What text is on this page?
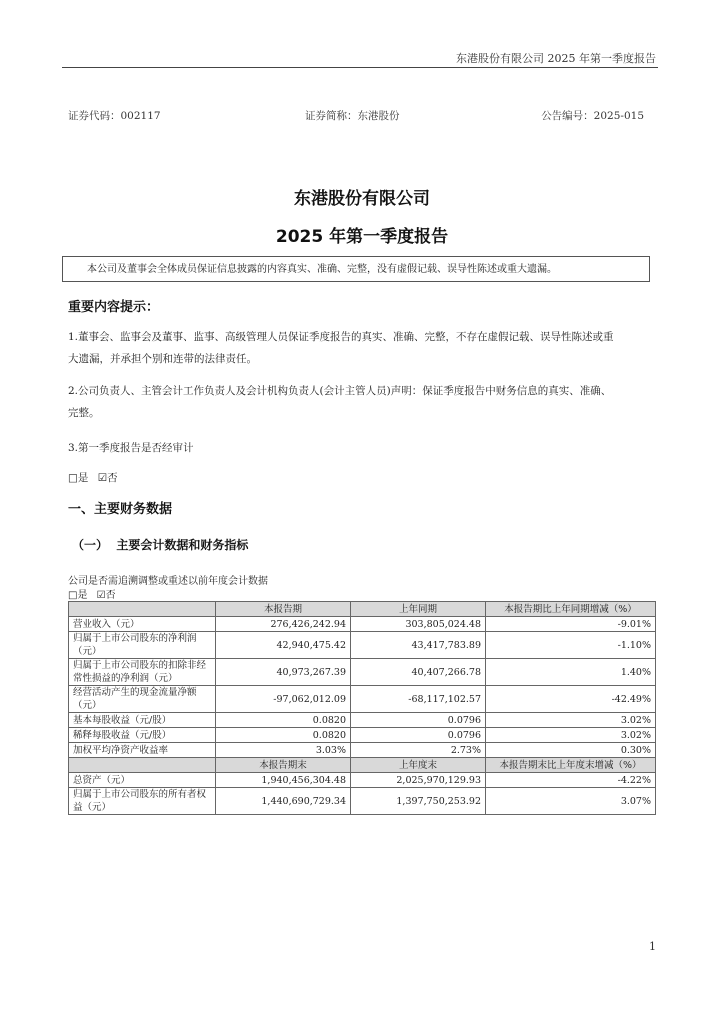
东港股份有限公司 2025 年第一季度报告
证券代码：002117	证券简称：东港股份	公告编号：2025-015
东港股份有限公司
2025 年第一季度报告
本公司及董事会全体成员保证信息披露的内容真实、准确、完整，没有虚假记载、误导性陈述或重大遗漏。
重要内容提示：
1.董事会、监事会及董事、监事、高级管理人员保证季度报告的真实、准确、完整，不存在虚假记载、误导性陈述或重
大遗漏，并承担个别和连带的法律责任。
2.公司负责人、主管会计工作负责人及会计机构负责人(会计主管人员)声明：保证季度报告中财务信息的真实、准确、
完整。
3.第一季度报告是否经审计
□是 ☑否
一、主要财务数据
（一）  主要会计数据和财务指标
公司是否需追溯调整或重述以前年度会计数据
□是 ☑否
	本报告期	上年同期	本报告期比上年同期增减（%）
营业收入（元）	276,426,242.94	303,805,024.48	-9.01%
归属于上市公司股东的净利润（元）	42,940,475.42	43,417,783.89	-1.10%
归属于上市公司股东的扣除非经常性损益的净利润（元）	40,973,267.39	40,407,266.78	1.40%
经营活动产生的现金流量净额（元）	-97,062,012.09	-68,117,102.57	-42.49%
基本每股收益（元/股）	0.0820	0.0796	3.02%
稀释每股收益（元/股）	0.0820	0.0796	3.02%
加权平均净资产收益率	3.03%	2.73%	0.30%
	本报告期末	上年度末	本报告期末比上年度末增减（%）
总资产（元）	1,940,456,304.48	2,025,970,129.93	-4.22%
归属于上市公司股东的所有者权益（元）	1,440,690,729.34	1,397,750,253.92	3.07%
1
